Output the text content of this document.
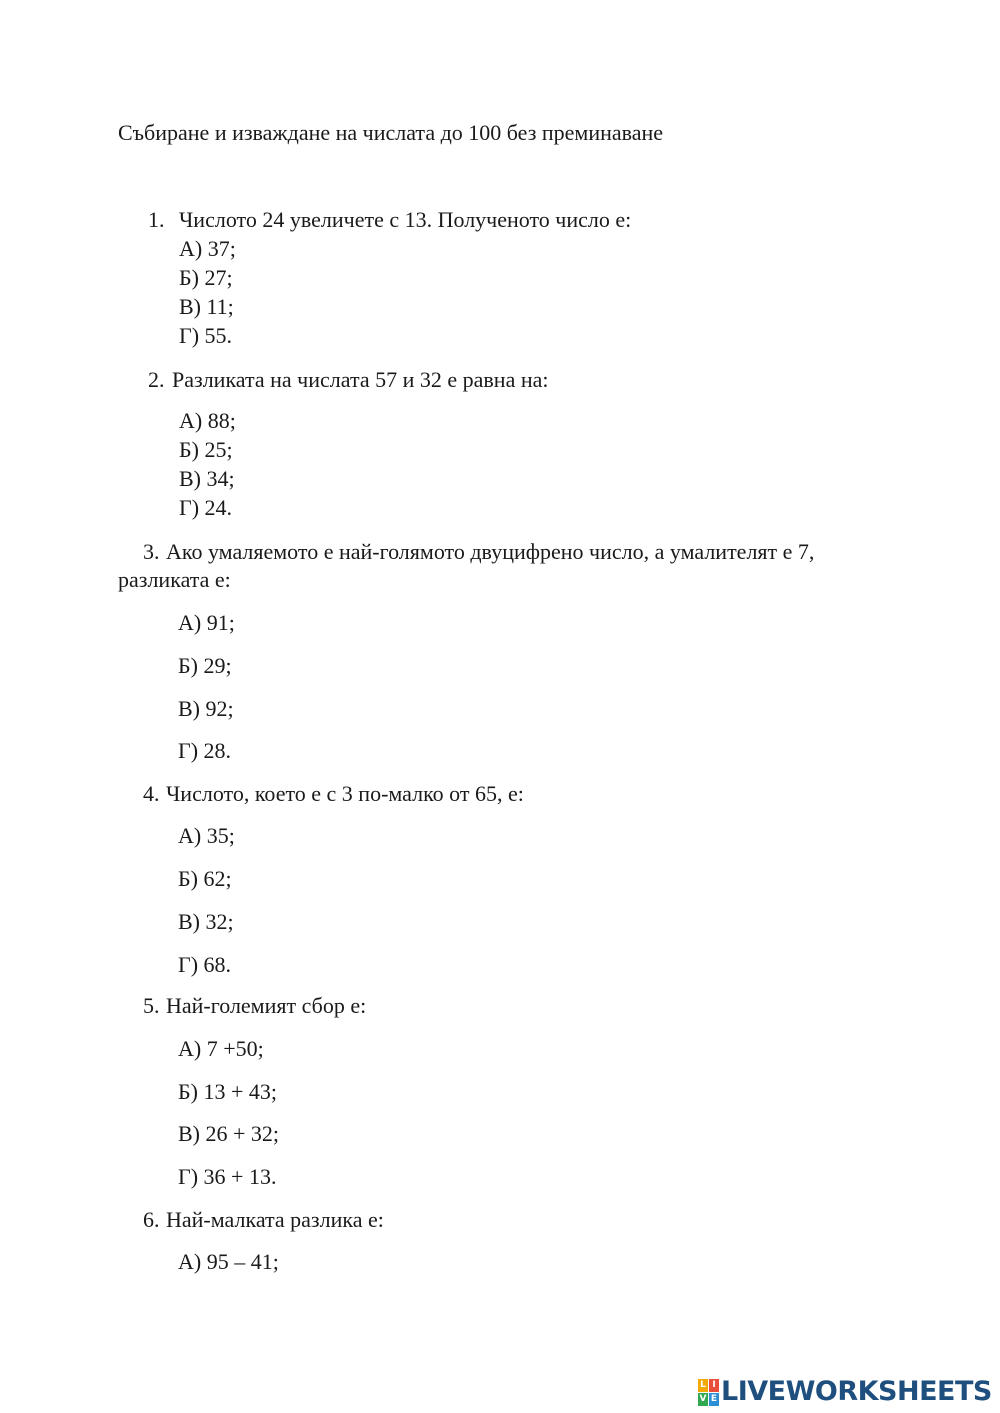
Събиране и изваждане на числата до 100 без преминаване

1. Числото 24 увеличете с 13. Полученото число е:

А) 37;

Б) 27;

В) 11;

Г) 55.

2. Разликата на числата 57 и 32 е равна на:

А) 88;

Б) 25;

В) 34;

Г) 24.

3. Ако умаляемото е най-голямото двуцифрено число, а умалителят е 7,

разликата е:

А) 91;

Б) 29;

В) 92;

Г) 28.

4. Числото, което е с 3 по-малко от 65, е:

А) 35;

Б) 62;

В) 32;

Г) 68.

5. Най-големият сбор е:

А) 7 +50;

Б) 13 + 43;

В) 26 + 32;

Г) 36 + 13.

6. Най-малката разлика е:

А) 95 – 41;

L I
V E LIVEWORKSHEETS
